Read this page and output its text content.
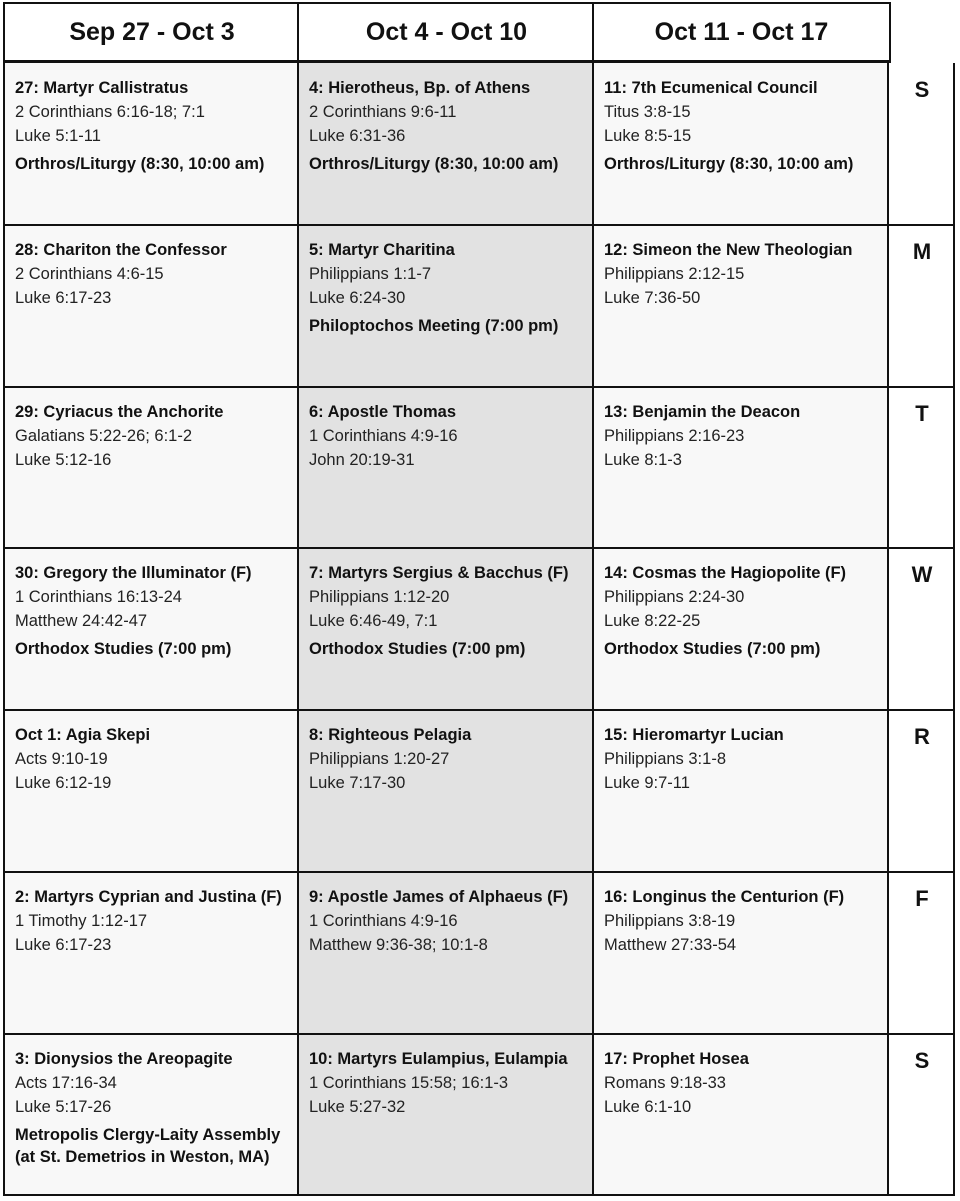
Sep 27 - Oct 3	Oct 4 - Oct 10	Oct 11 - Oct 17
27: Martyr Callistratus
2 Corinthians 6:16-18; 7:1
Luke 5:1-11
Orthros/Liturgy (8:30, 10:00 am)
4: Hierotheus, Bp. of Athens
2 Corinthians 9:6-11
Luke 6:31-36
Orthros/Liturgy (8:30, 10:00 am)
11: 7th Ecumenical Council
Titus 3:8-15
Luke 8:5-15
Orthros/Liturgy (8:30, 10:00 am)
S
28: Chariton the Confessor
2 Corinthians 4:6-15
Luke 6:17-23
5: Martyr Charitina
Philippians 1:1-7
Luke 6:24-30
Philoptochos Meeting (7:00 pm)
12: Simeon the New Theologian
Philippians 2:12-15
Luke 7:36-50
M
29: Cyriacus the Anchorite
Galatians 5:22-26; 6:1-2
Luke 5:12-16
6: Apostle Thomas
1 Corinthians 4:9-16
John 20:19-31
13: Benjamin the Deacon
Philippians 2:16-23
Luke 8:1-3
T
30: Gregory the Illuminator (F)
1 Corinthians 16:13-24
Matthew 24:42-47
Orthodox Studies (7:00 pm)
7: Martyrs Sergius & Bacchus (F)
Philippians 1:12-20
Luke 6:46-49, 7:1
Orthodox Studies (7:00 pm)
14: Cosmas the Hagiopolite (F)
Philippians 2:24-30
Luke 8:22-25
Orthodox Studies (7:00 pm)
W
Oct 1: Agia Skepi
Acts 9:10-19
Luke 6:12-19
8: Righteous Pelagia
Philippians 1:20-27
Luke 7:17-30
15: Hieromartyr Lucian
Philippians 3:1-8
Luke 9:7-11
R
2: Martyrs Cyprian and Justina (F)
1 Timothy 1:12-17
Luke 6:17-23
9: Apostle James of Alphaeus (F)
1 Corinthians 4:9-16
Matthew 9:36-38; 10:1-8
16: Longinus the Centurion (F)
Philippians 3:8-19
Matthew 27:33-54
F
3: Dionysios the Areopagite
Acts 17:16-34
Luke 5:17-26
Metropolis Clergy-Laity Assembly (at St. Demetrios in Weston, MA)
10: Martyrs Eulampius, Eulampia
1 Corinthians 15:58; 16:1-3
Luke 5:27-32
17: Prophet Hosea
Romans 9:18-33
Luke 6:1-10
S
